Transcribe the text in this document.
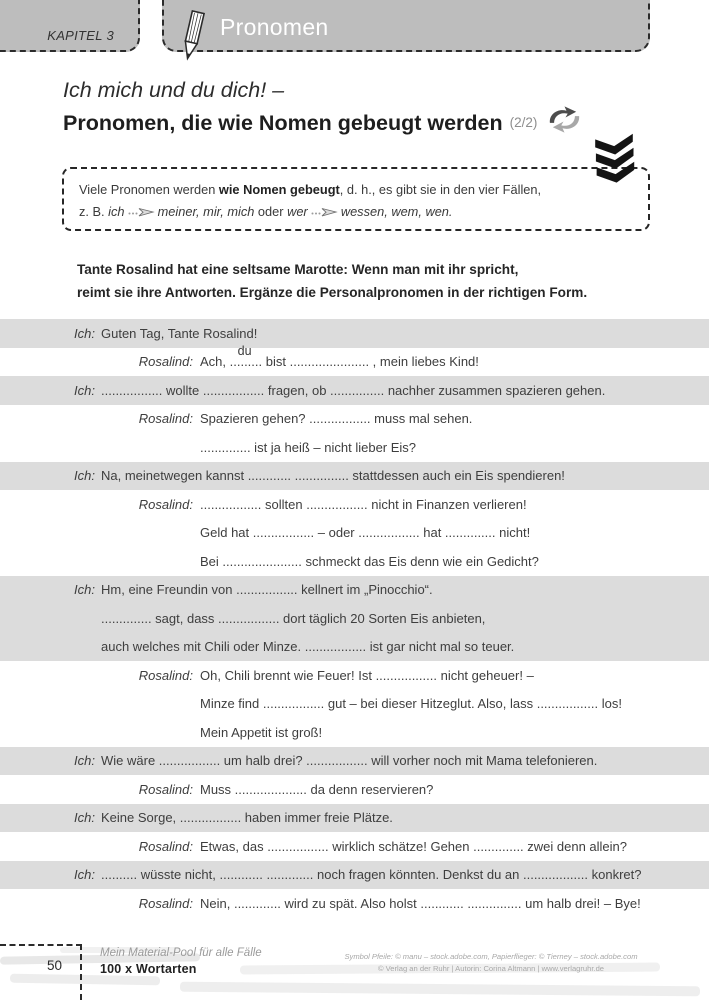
KAPITEL 3	Pronomen
Ich mich und du dich! –
Pronomen, die wie Nomen gebeugt werden (2/2)
Viele Pronomen werden wie Nomen gebeugt, d. h., es gibt sie in den vier Fällen,
z. B. ich  meiner, mir, mich oder wer  wessen, wem, wen.
Tante Rosalind hat eine seltsame Marotte: Wenn man mit ihr spricht,
reimt sie ihre Antworten. Ergänze die Personalpronomen in der richtigen Form.
Ich: Guten Tag, Tante Rosalind!
Rosalind: Ach, .........
du
bist ...................... , mein liebes Kind!
Ich: ................. wollte ................. fragen, ob ............... nachher zusammen spazieren gehen.
Rosalind: Spazieren gehen? ................. muss mal sehen.
.............. ist ja heiß – nicht lieber Eis?
Ich: Na, meinetwegen kannst ............ ............... stattdessen auch ein Eis spendieren!
Rosalind: ................. sollten ................. nicht in Finanzen verlieren!
Geld hat ................. – oder ................. hat .............. nicht!
Bei ...................... schmeckt das Eis denn wie ein Gedicht?
Ich: Hm, eine Freundin von ................. kellnert im „Pinocchio“.
.............. sagt, dass ................. dort täglich 20 Sorten Eis anbieten,
auch welches mit Chili oder Minze. ................. ist gar nicht mal so teuer.
Rosalind: Oh, Chili brennt wie Feuer! Ist ................. nicht geheuer! –
Minze find ................. gut – bei dieser Hitzeglut. Also, lass ................. los!
Mein Appetit ist groß!
Ich: Wie wäre ................. um halb drei? ................. will vorher noch mit Mama telefonieren.
Rosalind: Muss .................... da denn reservieren?
Ich: Keine Sorge, ................. haben immer freie Plätze.
Rosalind: Etwas, das ................. wirklich schätze! Gehen .............. zwei denn allein?
Ich: .......... wüsste nicht, ............ ............. noch fragen könnten. Denkst du an .................. konkret?
Rosalind: Nein, ............. wird zu spät. Also holst ............ ............... um halb drei! – Bye!
50
Mein Material-Pool für alle Fälle
100 x Wortarten
Symbol Pfeile: © manu – stock.adobe.com, Papierflieger: © Tierney – stock.adobe.com
© Verlag an der Ruhr | Autorin: Corina Altmann | www.verlagruhr.de
